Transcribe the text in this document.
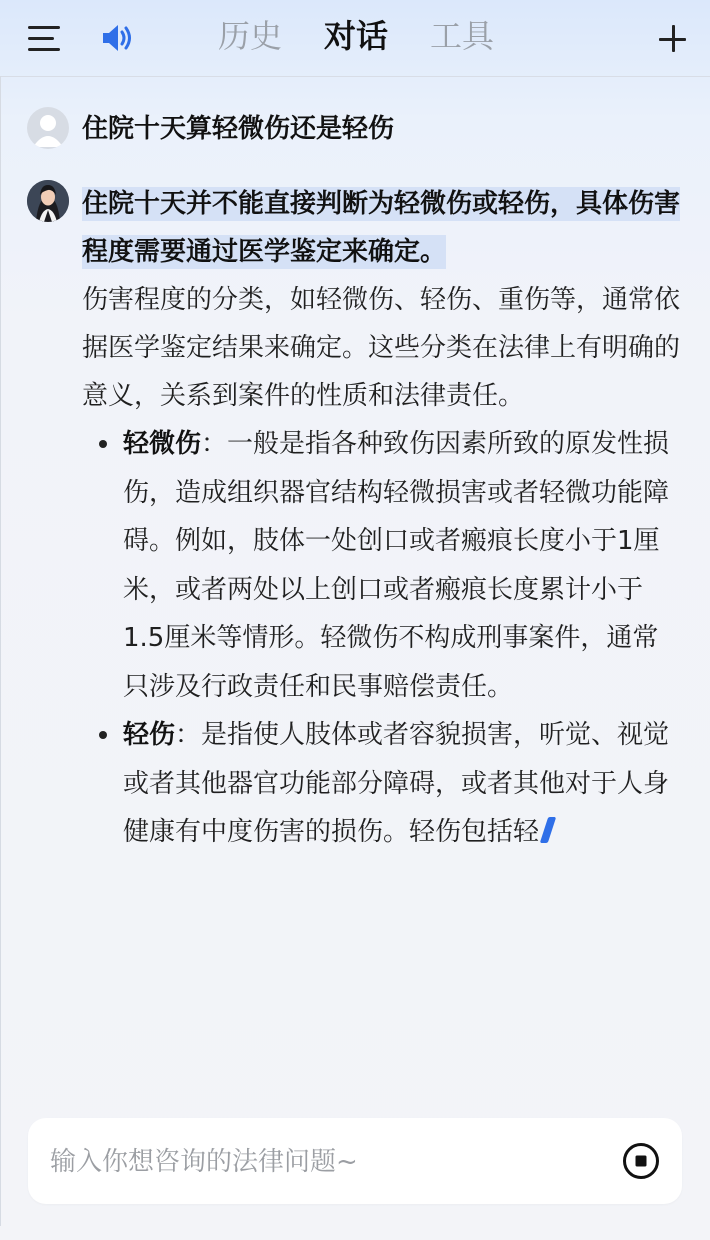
历史 对话 工具
住院十天算轻微伤还是轻伤

住院十天并不能直接判断为轻微伤或轻伤，具体伤害程度需要通过医学鉴定来确定。

伤害程度的分类，如轻微伤、轻伤、重伤等，通常依据医学鉴定结果来确定。这些分类在法律上有明确的意义，关系到案件的性质和法律责任。

轻微伤：一般是指各种致伤因素所致的原发性损伤，造成组织器官结构轻微损害或者轻微功能障碍。例如，肢体一处创口或者瘢痕长度小于1厘米，或者两处以上创口或者瘢痕长度累计小于1.5厘米等情形。轻微伤不构成刑事案件，通常只涉及行政责任和民事赔偿责任。
轻伤：是指使人肢体或者容貌损害，听觉、视觉或者其他器官功能部分障碍，或者其他对于人身健康有中度伤害的损伤。轻伤包括轻
输入你想咨询的法律问题~
